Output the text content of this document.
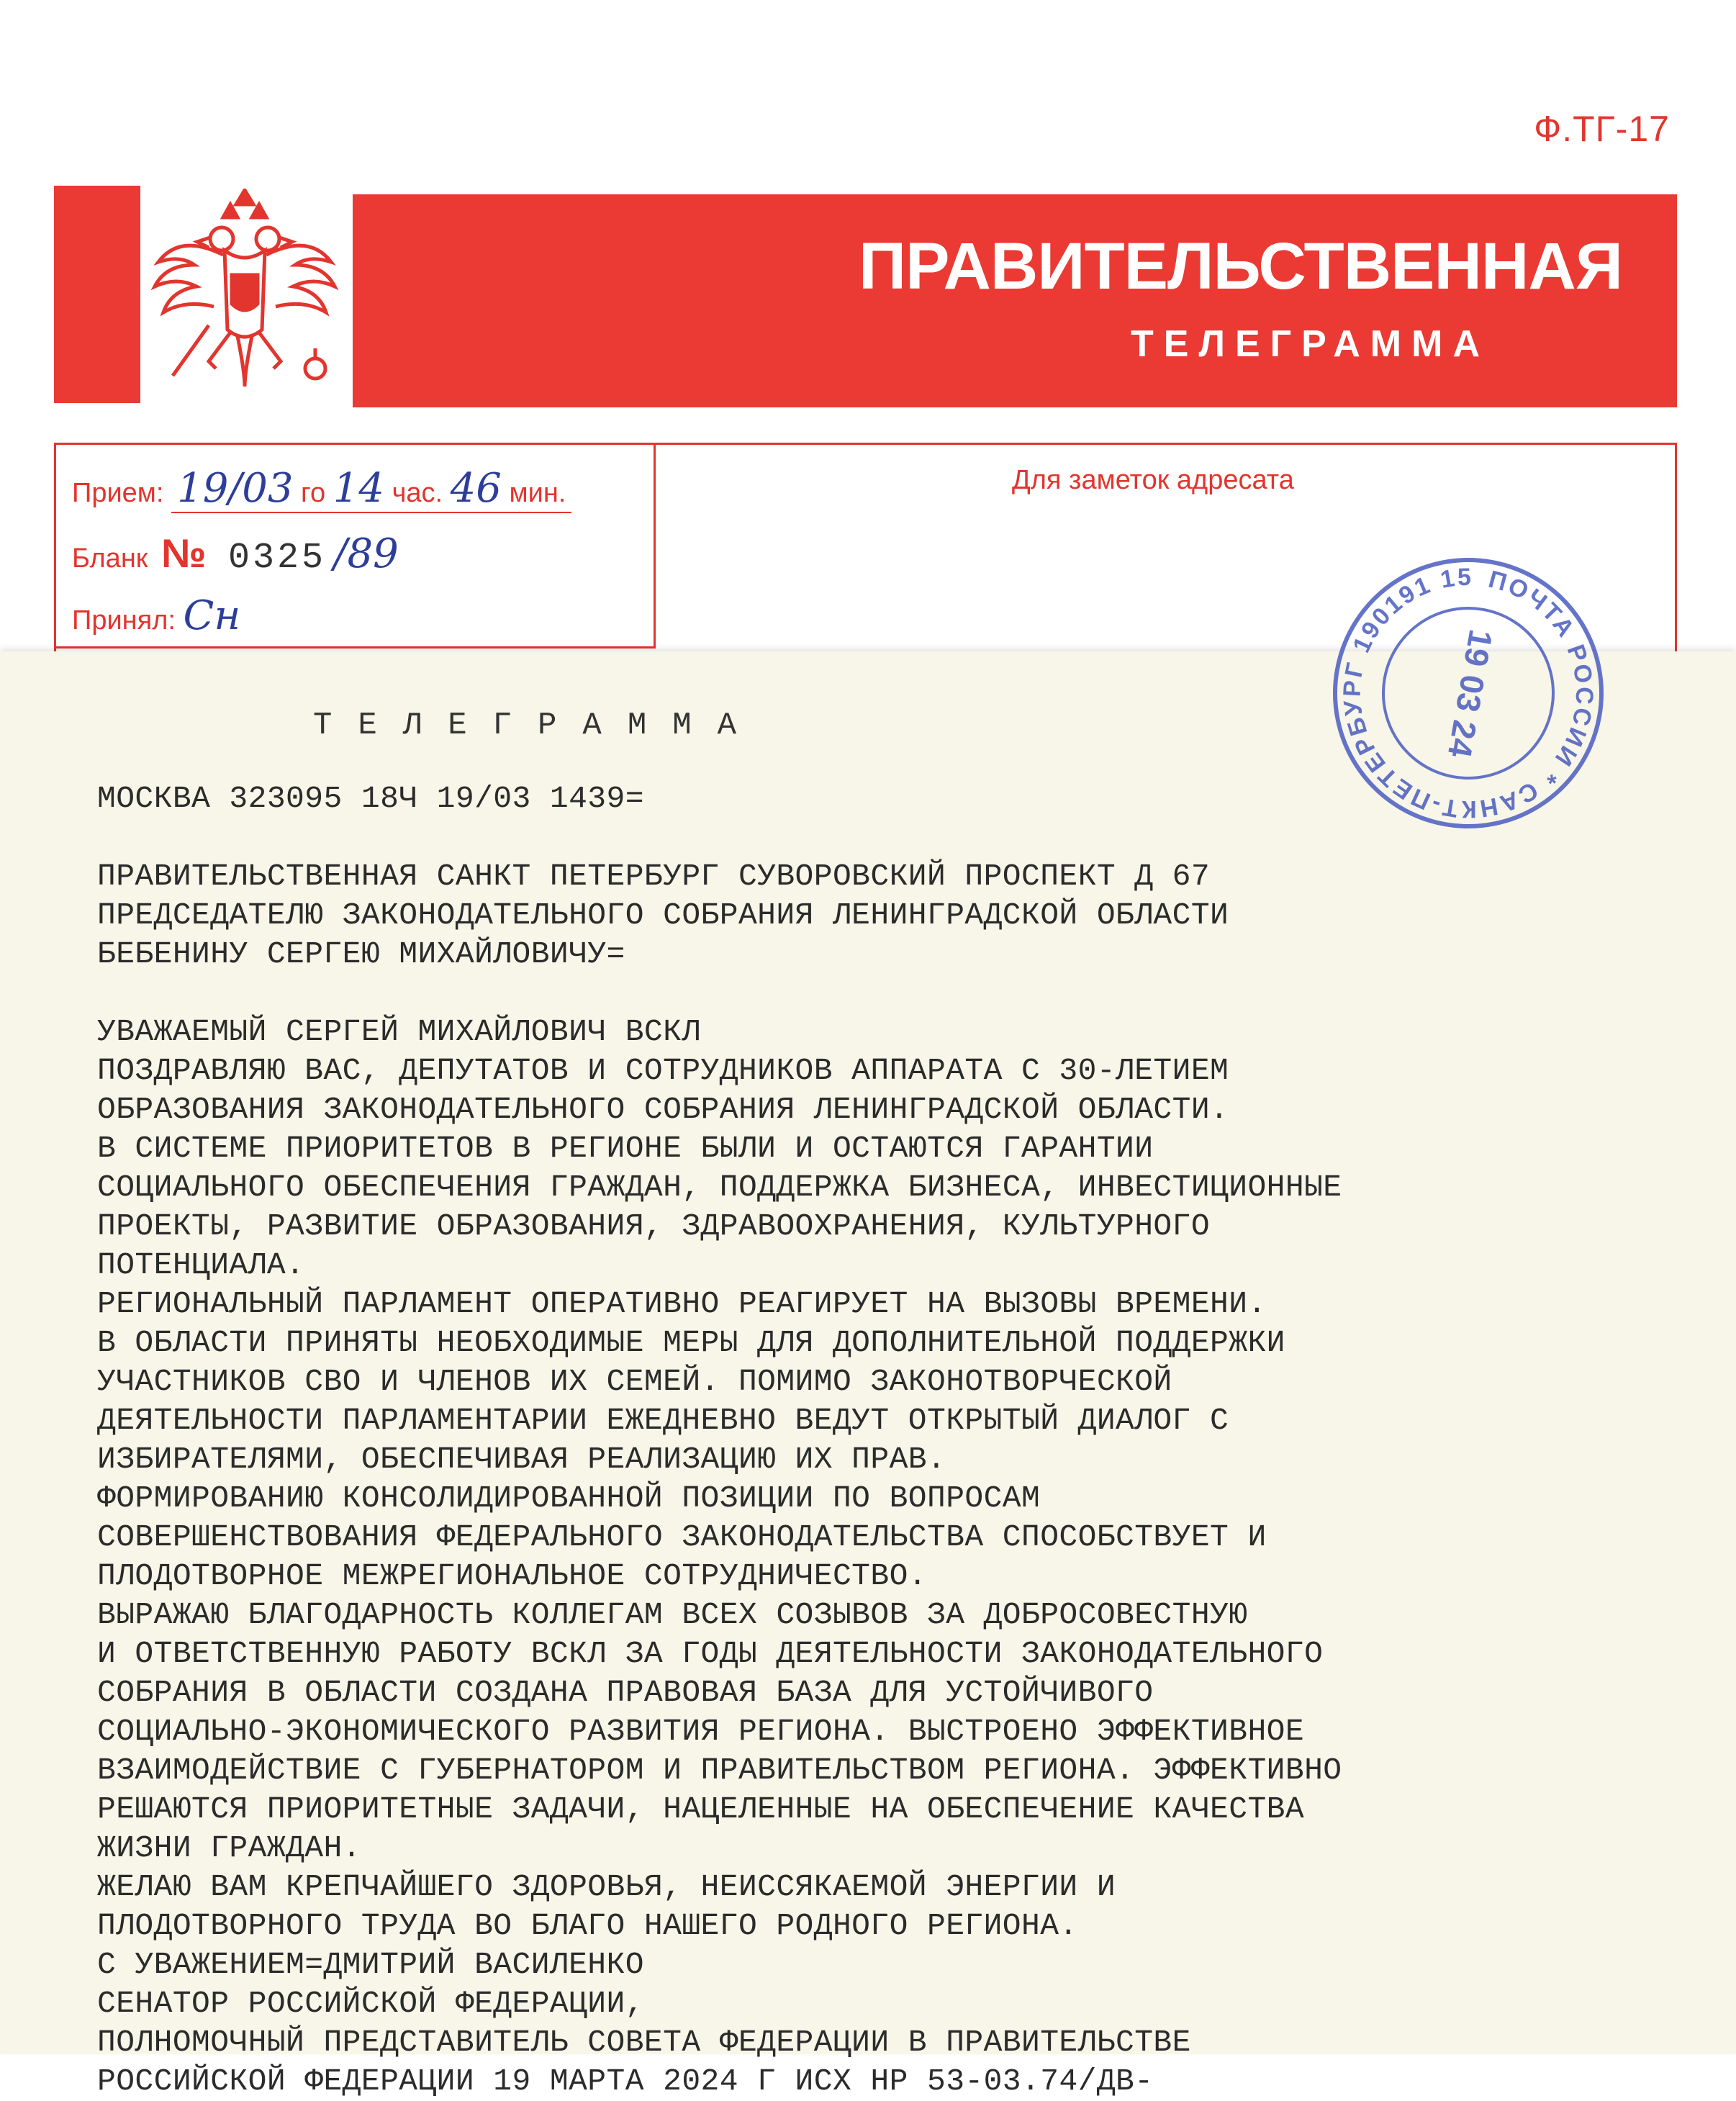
Ф.ТГ-17
ПРАВИТЕЛЬСТВЕННАЯ
ТЕЛЕГРАММА
Прием: 19/03 го 14 час. 46 мин.
Бланк № 0325 /89
Принял: Сн
Для заметок адресата
ТЕЛЕГРАММА
МОСКВА 323095 18Ч 19/03 1439=
ПРАВИТЕЛЬСТВЕННАЯ САНКТ ПЕТЕРБУРГ СУВОРОВСКИЙ ПРОСПЕКТ Д 67
ПРЕДСЕДАТЕЛЮ ЗАКОНОДАТЕЛЬНОГО СОБРАНИЯ ЛЕНИНГРАДСКОЙ ОБЛАСТИ
БЕБЕНИНУ СЕРГЕЮ МИХАЙЛОВИЧУ=
УВАЖАЕМЫЙ СЕРГЕЙ МИХАЙЛОВИЧ ВСКЛ
ПОЗДРАВЛЯЮ ВАС, ДЕПУТАТОВ И СОТРУДНИКОВ АППАРАТА С 30-ЛЕТИЕМ
ОБРАЗОВАНИЯ ЗАКОНОДАТЕЛЬНОГО СОБРАНИЯ ЛЕНИНГРАДСКОЙ ОБЛАСТИ.
В СИСТЕМЕ ПРИОРИТЕТОВ В РЕГИОНЕ БЫЛИ И ОСТАЮТСЯ ГАРАНТИИ
СОЦИАЛЬНОГО ОБЕСПЕЧЕНИЯ ГРАЖДАН, ПОДДЕРЖКА БИЗНЕСА, ИНВЕСТИЦИОННЫЕ
ПРОЕКТЫ, РАЗВИТИЕ ОБРАЗОВАНИЯ, ЗДРАВООХРАНЕНИЯ, КУЛЬТУРНОГО
ПОТЕНЦИАЛА.
РЕГИОНАЛЬНЫЙ ПАРЛАМЕНТ ОПЕРАТИВНО РЕАГИРУЕТ НА ВЫЗОВЫ ВРЕМЕНИ.
В ОБЛАСТИ ПРИНЯТЫ НЕОБХОДИМЫЕ МЕРЫ ДЛЯ ДОПОЛНИТЕЛЬНОЙ ПОДДЕРЖКИ
УЧАСТНИКОВ СВО И ЧЛЕНОВ ИХ СЕМЕЙ. ПОМИМО ЗАКОНОТВОРЧЕСКОЙ
ДЕЯТЕЛЬНОСТИ ПАРЛАМЕНТАРИИ ЕЖЕДНЕВНО ВЕДУТ ОТКРЫТЫЙ ДИАЛОГ С
ИЗБИРАТЕЛЯМИ, ОБЕСПЕЧИВАЯ РЕАЛИЗАЦИЮ ИХ ПРАВ.
ФОРМИРОВАНИЮ КОНСОЛИДИРОВАННОЙ ПОЗИЦИИ ПО ВОПРОСАМ
СОВЕРШЕНСТВОВАНИЯ ФЕДЕРАЛЬНОГО ЗАКОНОДАТЕЛЬСТВА СПОСОБСТВУЕТ И
ПЛОДОТВОРНОЕ МЕЖРЕГИОНАЛЬНОЕ СОТРУДНИЧЕСТВО.
ВЫРАЖАЮ БЛАГОДАРНОСТЬ КОЛЛЕГАМ ВСЕХ СОЗЫВОВ ЗА ДОБРОСОВЕСТНУЮ
И ОТВЕТСТВЕННУЮ РАБОТУ ВСКЛ ЗА ГОДЫ ДЕЯТЕЛЬНОСТИ ЗАКОНОДАТЕЛЬНОГО
СОБРАНИЯ В ОБЛАСТИ СОЗДАНА ПРАВОВАЯ БАЗА ДЛЯ УСТОЙЧИВОГО
СОЦИАЛЬНО-ЭКОНОМИЧЕСКОГО РАЗВИТИЯ РЕГИОНА. ВЫСТРОЕНО ЭФФЕКТИВНОЕ
ВЗАИМОДЕЙСТВИЕ С ГУБЕРНАТОРОМ И ПРАВИТЕЛЬСТВОМ РЕГИОНА. ЭФФЕКТИВНО
РЕШАЮТСЯ ПРИОРИТЕТНЫЕ ЗАДАЧИ, НАЦЕЛЕННЫЕ НА ОБЕСПЕЧЕНИЕ КАЧЕСТВА
ЖИЗНИ ГРАЖДАН.
ЖЕЛАЮ ВАМ КРЕПЧАЙШЕГО ЗДОРОВЬЯ, НЕИССЯКАЕМОЙ ЭНЕРГИИ И
ПЛОДОТВОРНОГО ТРУДА ВО БЛАГО НАШЕГО РОДНОГО РЕГИОНА.
С УВАЖЕНИЕМ=ДМИТРИЙ ВАСИЛЕНКО
СЕНАТОР РОССИЙСКОЙ ФЕДЕРАЦИИ,
ПОЛНОМОЧНЫЙ ПРЕДСТАВИТЕЛЬ СОВЕТА ФЕДЕРАЦИИ В ПРАВИТЕЛЬСТВЕ
РОССИЙСКОЙ ФЕДЕРАЦИИ 19 МАРТА 2024 Г ИСХ НР 53-03.74/ДВ-
ПОЧТА РОССИИ * САНКТ-ПЕТЕРБУРГ 190191 15
19 03 24
